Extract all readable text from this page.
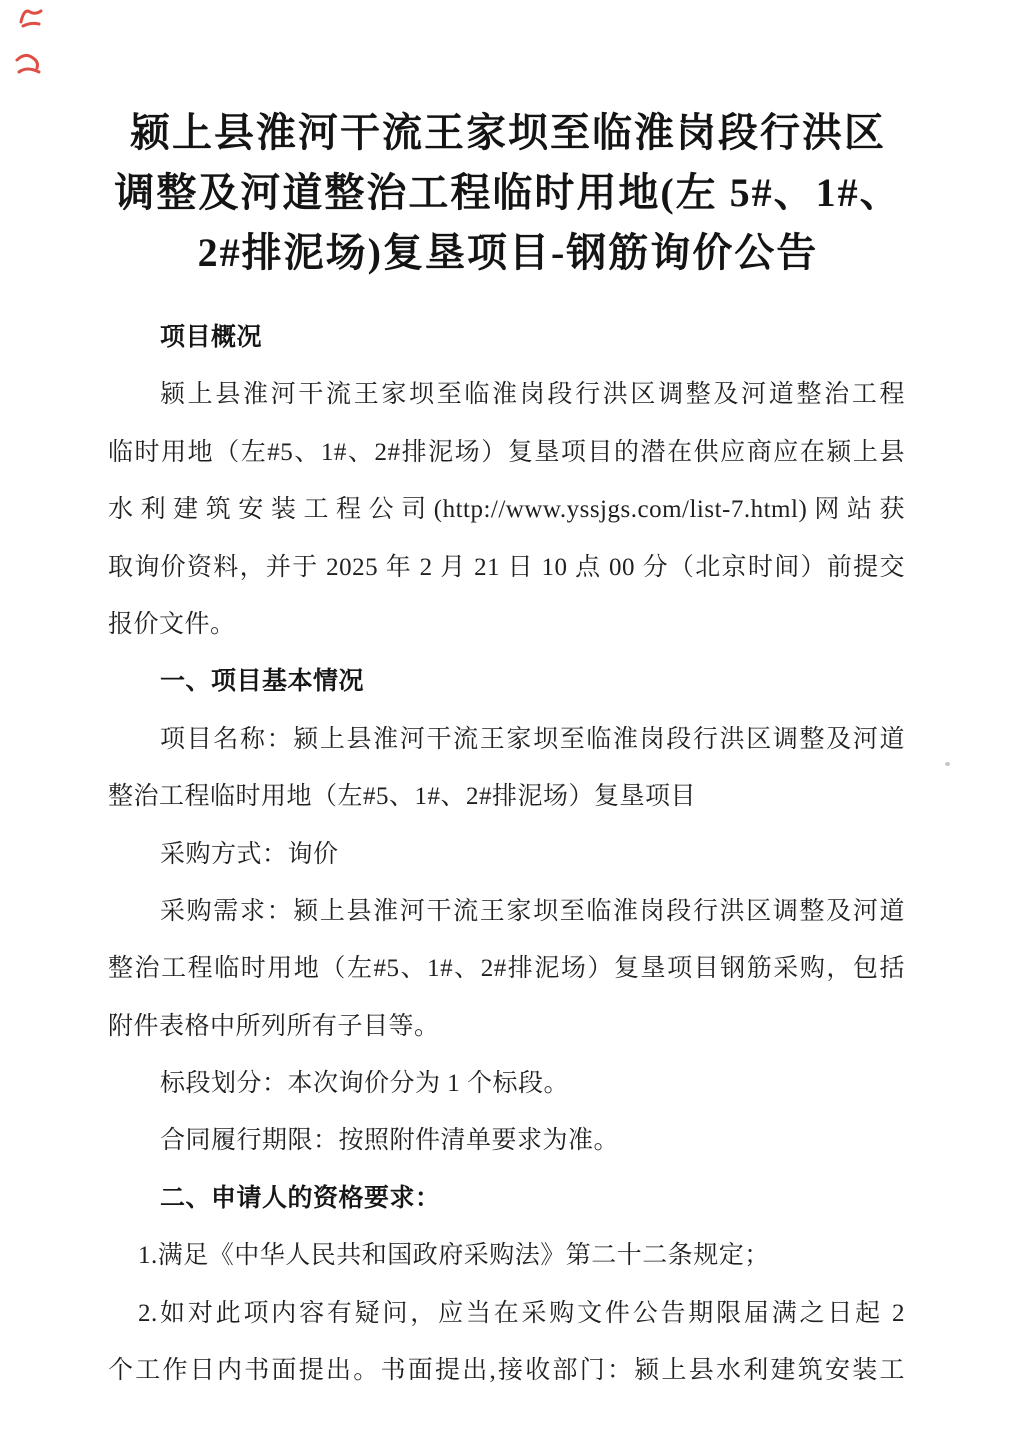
颍上县淮河干流王家坝至临淮岗段行洪区
调整及河道整治工程临时用地(左 5#、1#、
2#排泥场)复垦项目-钢筋询价公告
项目概况
颍上县淮河干流王家坝至临淮岗段行洪区调整及河道整治工程
临时用地（左#5、1#、2#排泥场）复垦项目的潜在供应商应在颍上县
水利建筑安装工程公司(http://www.yssjgs.com/list-7.html)网站获
取询价资料，并于 2025 年 2 月 21 日 10 点 00 分（北京时间）前提交
报价文件。
一、项目基本情况
项目名称：颍上县淮河干流王家坝至临淮岗段行洪区调整及河道
整治工程临时用地（左#5、1#、2#排泥场）复垦项目
采购方式：询价
采购需求：颍上县淮河干流王家坝至临淮岗段行洪区调整及河道
整治工程临时用地（左#5、1#、2#排泥场）复垦项目钢筋采购，包括
附件表格中所列所有子目等。
标段划分：本次询价分为 1 个标段。
合同履行期限：按照附件清单要求为准。
二、申请人的资格要求：
1.满足《中华人民共和国政府采购法》第二十二条规定；
2.如对此项内容有疑问，应当在采购文件公告期限届满之日起 2
个工作日内书面提出。书面提出,接收部门：颍上县水利建筑安装工
